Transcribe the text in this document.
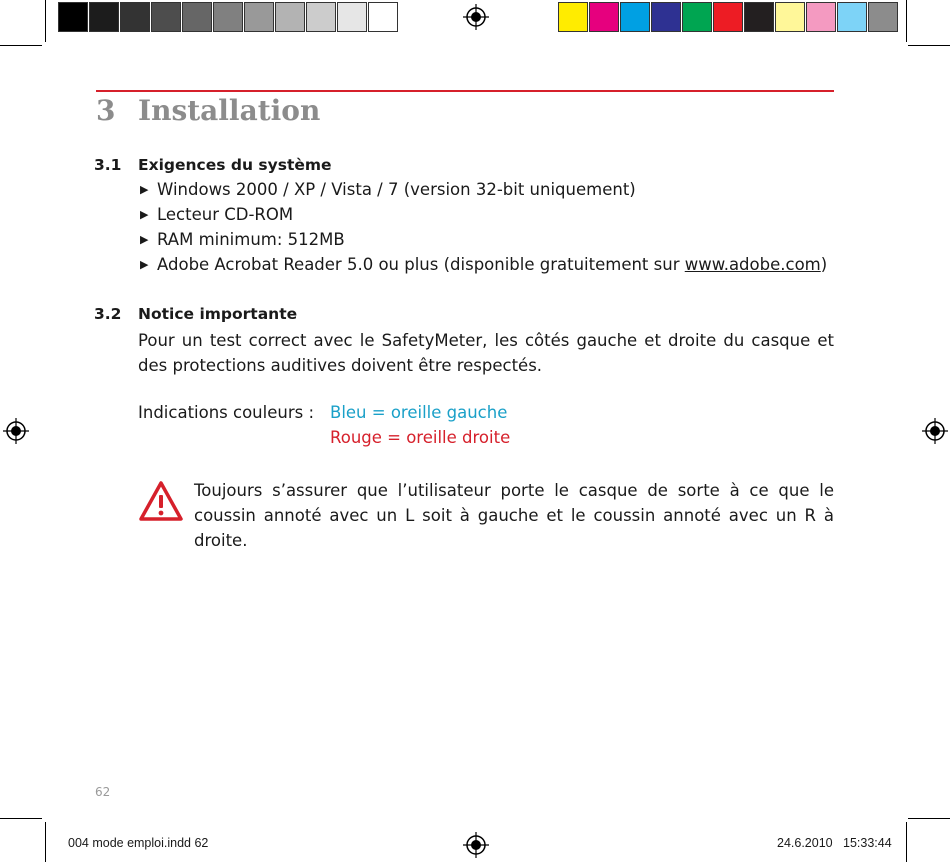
3 Installation
3.1 Exigences du système
▶ Windows 2000 / XP / Vista / 7 (version 32-bit uniquement)
▶ Lecteur CD-ROM
▶ RAM minimum: 512MB
▶ Adobe Acrobat Reader 5.0 ou plus (disponible gratuitement sur www.adobe.com)
3.2 Notice importante
Pour un test correct avec le SafetyMeter, les côtés gauche et droite du casque et des protections auditives doivent être respectés.
Indications couleurs : Bleu = oreille gauche
Rouge = oreille droite
Toujours s’assurer que l’utilisateur porte le casque de sorte à ce que le coussin annoté avec un L soit à gauche et le coussin annoté avec un R à droite.
62
004 mode emploi.indd 62	24.6.2010 15:33:44
